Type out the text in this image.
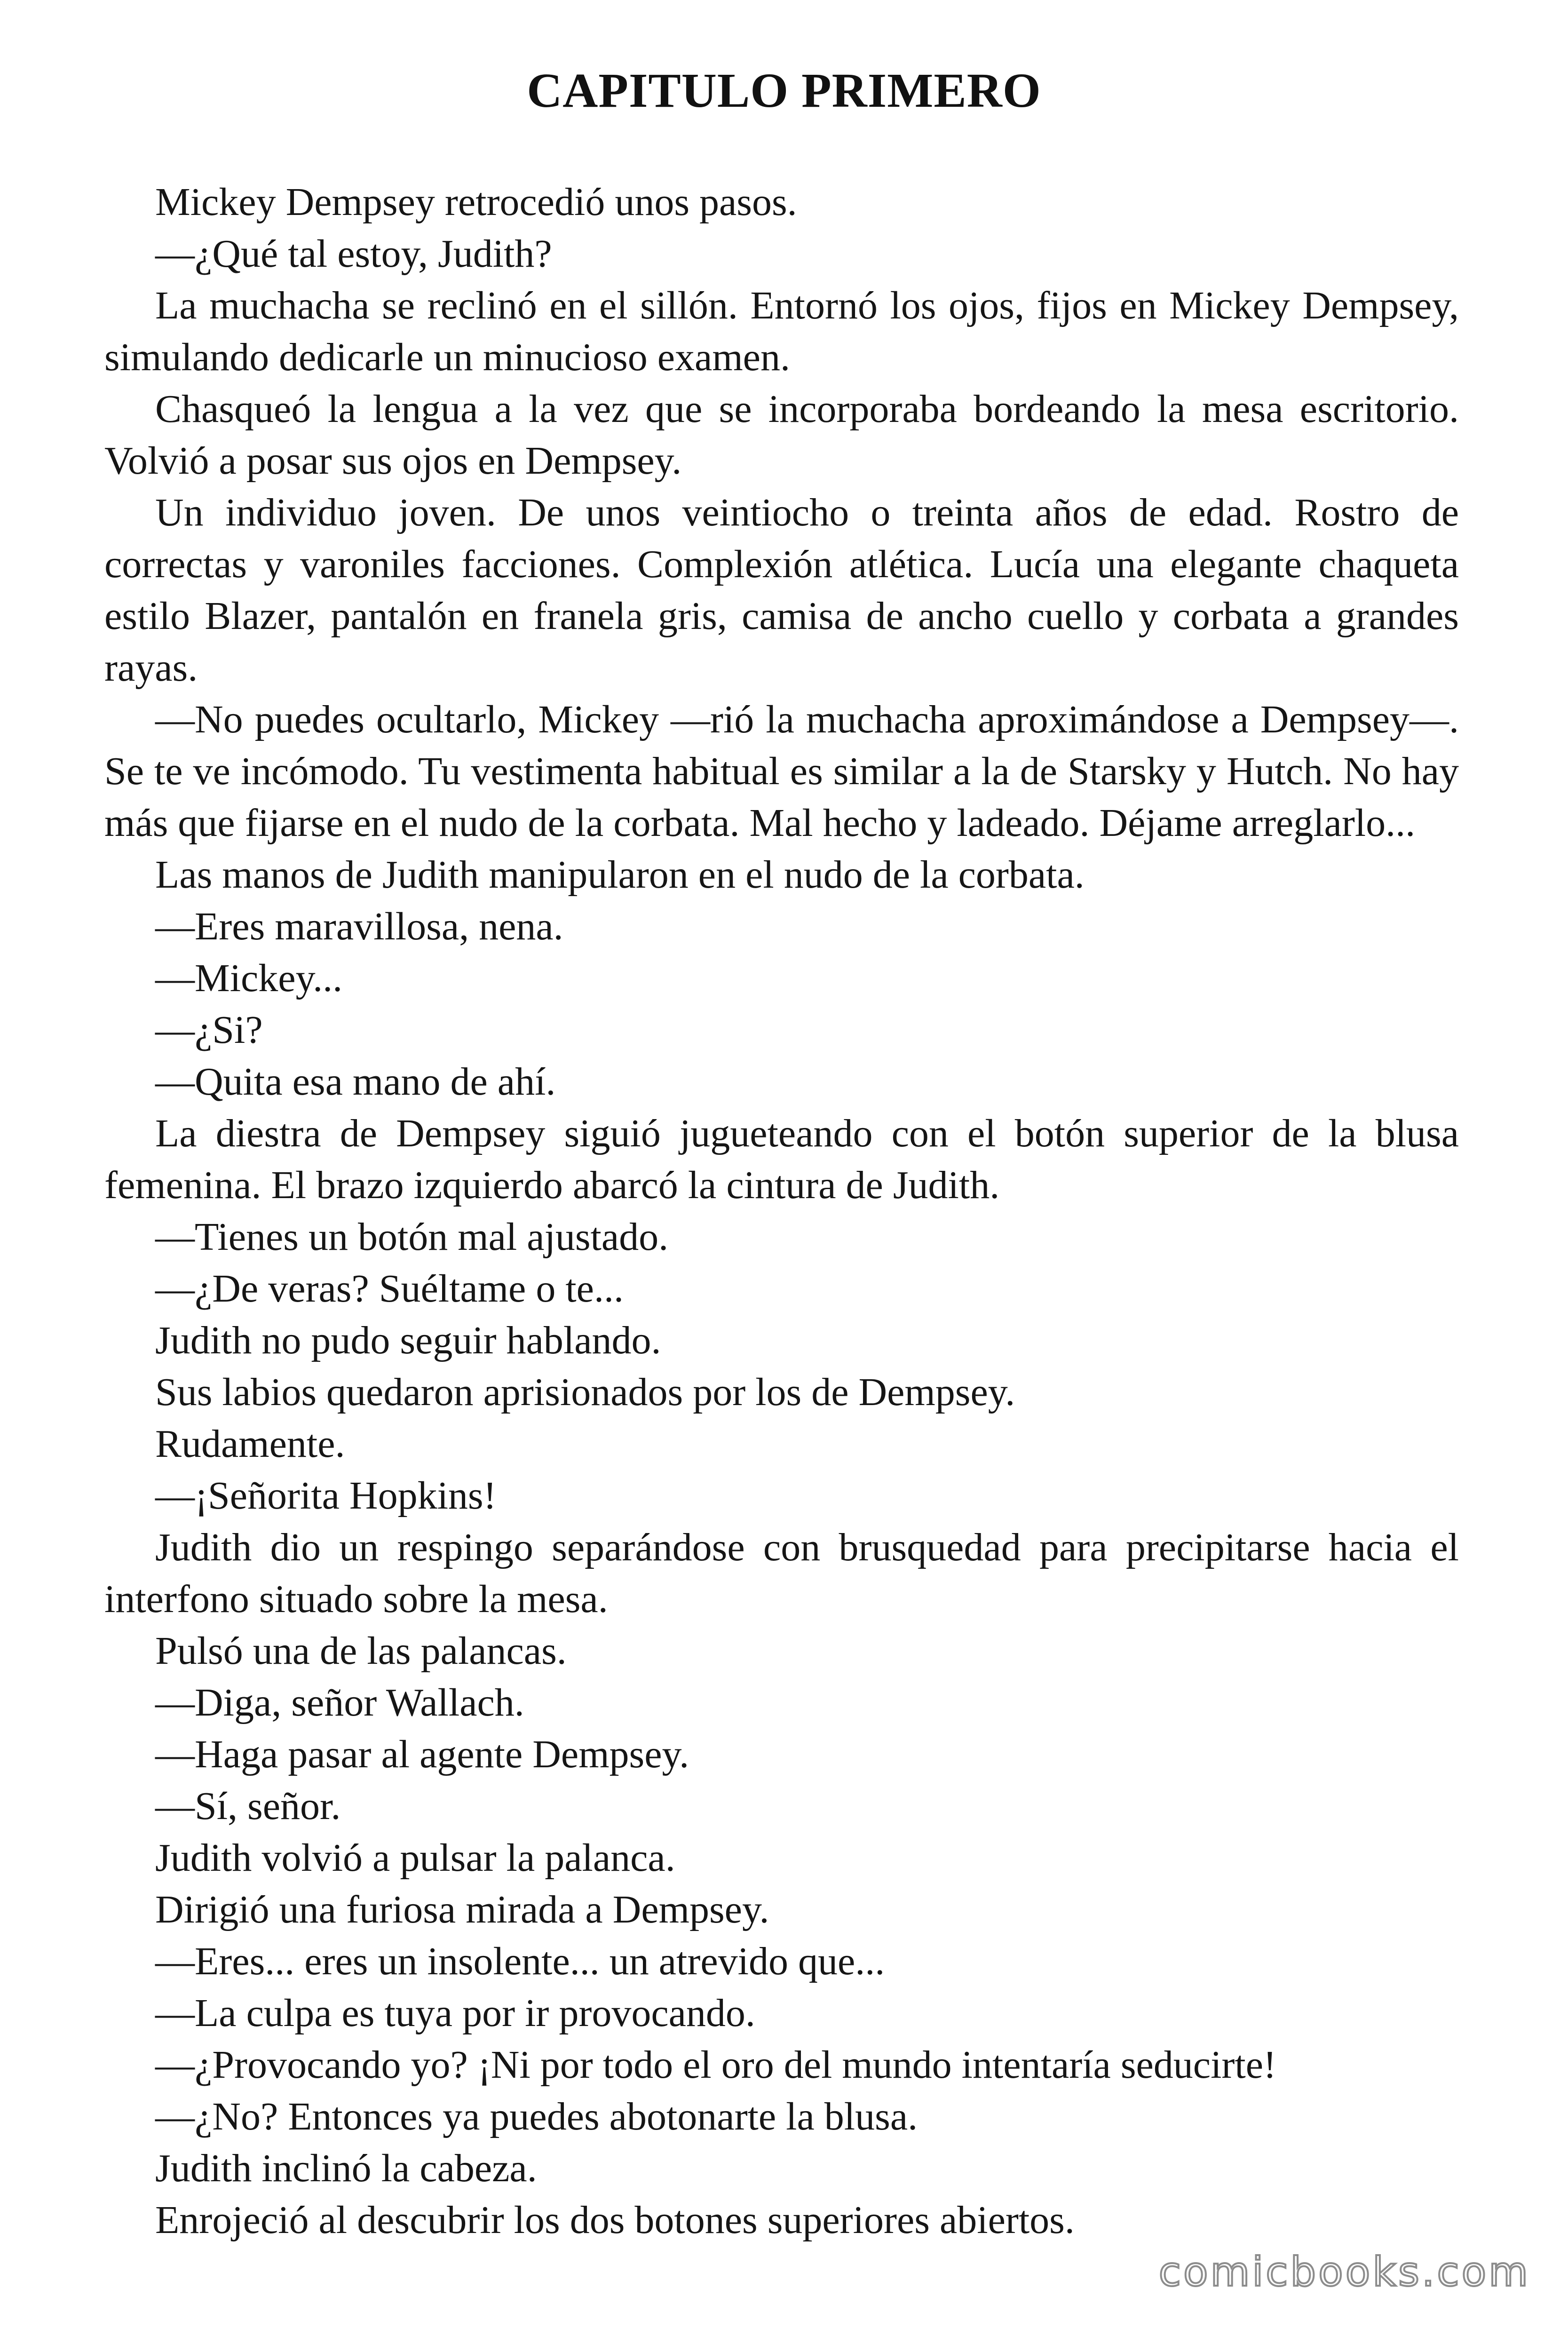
CAPITULO PRIMERO

Mickey Dempsey retrocedió unos pasos.

—¿Qué tal estoy, Judith?

La muchacha se reclinó en el sillón. Entornó los ojos, fijos en Mickey Dempsey, simulando dedicarle un minucioso examen.

Chasqueó la lengua a la vez que se incorporaba bordeando la mesa escritorio. Volvió a posar sus ojos en Dempsey.

Un individuo joven. De unos veintiocho o treinta años de edad. Rostro de correctas y varoniles facciones. Complexión atlética. Lucía una elegante chaqueta estilo Blazer, pantalón en franela gris, camisa de ancho cuello y corbata a grandes rayas.

—No puedes ocultarlo, Mickey —rió la muchacha aproximándose a Dempsey—. Se te ve incómodo. Tu vestimenta habitual es similar a la de Starsky y Hutch. No hay más que fijarse en el nudo de la corbata. Mal hecho y ladeado. Déjame arreglarlo...

Las manos de Judith manipularon en el nudo de la corbata.

—Eres maravillosa, nena.

—Mickey...

—¿Si?

—Quita esa mano de ahí.

La diestra de Dempsey siguió jugueteando con el botón superior de la blusa femenina. El brazo izquierdo abarcó la cintura de Judith.

—Tienes un botón mal ajustado.

—¿De veras? Suéltame o te...

Judith no pudo seguir hablando.

Sus labios quedaron aprisionados por los de Dempsey.

Rudamente.

—¡Señorita Hopkins!

Judith dio un respingo separándose con brusquedad para precipitarse hacia el interfono situado sobre la mesa.

Pulsó una de las palancas.

—Diga, señor Wallach.

—Haga pasar al agente Dempsey.

—Sí, señor.

Judith volvió a pulsar la palanca.

Dirigió una furiosa mirada a Dempsey.

—Eres... eres un insolente... un atrevido que...

—La culpa es tuya por ir provocando.

—¿Provocando yo? ¡Ni por todo el oro del mundo intentaría seducirte!

—¿No? Entonces ya puedes abotonarte la blusa.

Judith inclinó la cabeza.

Enrojeció al descubrir los dos botones superiores abiertos.

comicbooks.com
